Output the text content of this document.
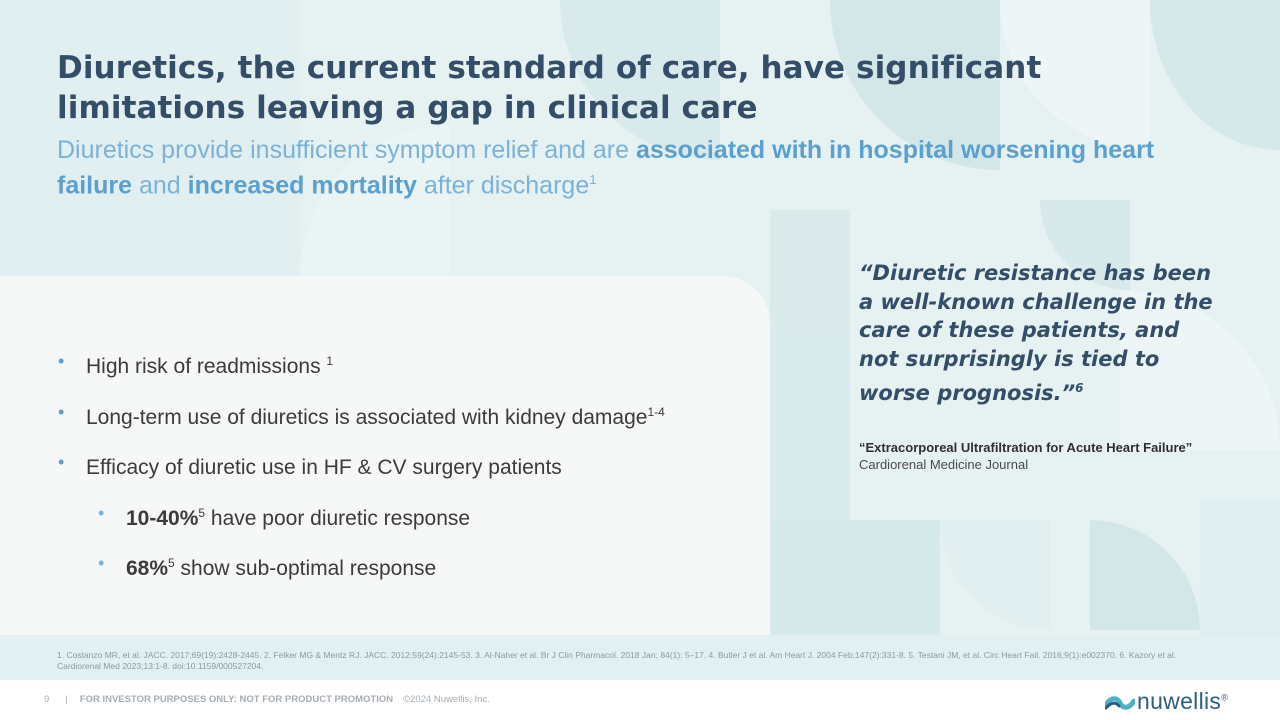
Diuretics, the current standard of care, have significant limitations leaving a gap in clinical care

Diuretics provide insufficient symptom relief and are associated with in hospital worsening heart failure and increased mortality after discharge$^1$

• High risk of readmissions $^1$
• Long-term use of diuretics is associated with kidney damage$^{1-4}$
• Efficacy of diuretic use in HF & CV surgery patients
• 10-40%$^5$ have poor diuretic response
• 68%$^5$ show sub-optimal response

“Diuretic resistance has been a well-known challenge in the care of these patients, and not surprisingly is tied to worse prognosis.”$^6$

“Extracorporeal Ultrafiltration for Acute Heart Failure”
Cardiorenal Medicine Journal

1. Costanzo MR, et al. JACC. 2017;69(19):2428-2445. 2. Felker MG & Mentz RJ. JACC. 2012;59(24):2145-53. 3. Al-Naher et al. Br J Clin Pharmacol. 2018 Jan; 84(1): 5–17. 4. Butler J et al. Am Heart J. 2004 Feb;147(2):331-8. 5. Testani JM, et al. Circ Heart Fail. 2016;9(1):e002370. 6. Kazory et al. Cardiorenal Med 2023;13:1-8. doi:10.1159/000527204.

9 | FOR INVESTOR PURPOSES ONLY: NOT FOR PRODUCT PROMOTION ©2024 Nuwellis, Inc.	nuwellis®
